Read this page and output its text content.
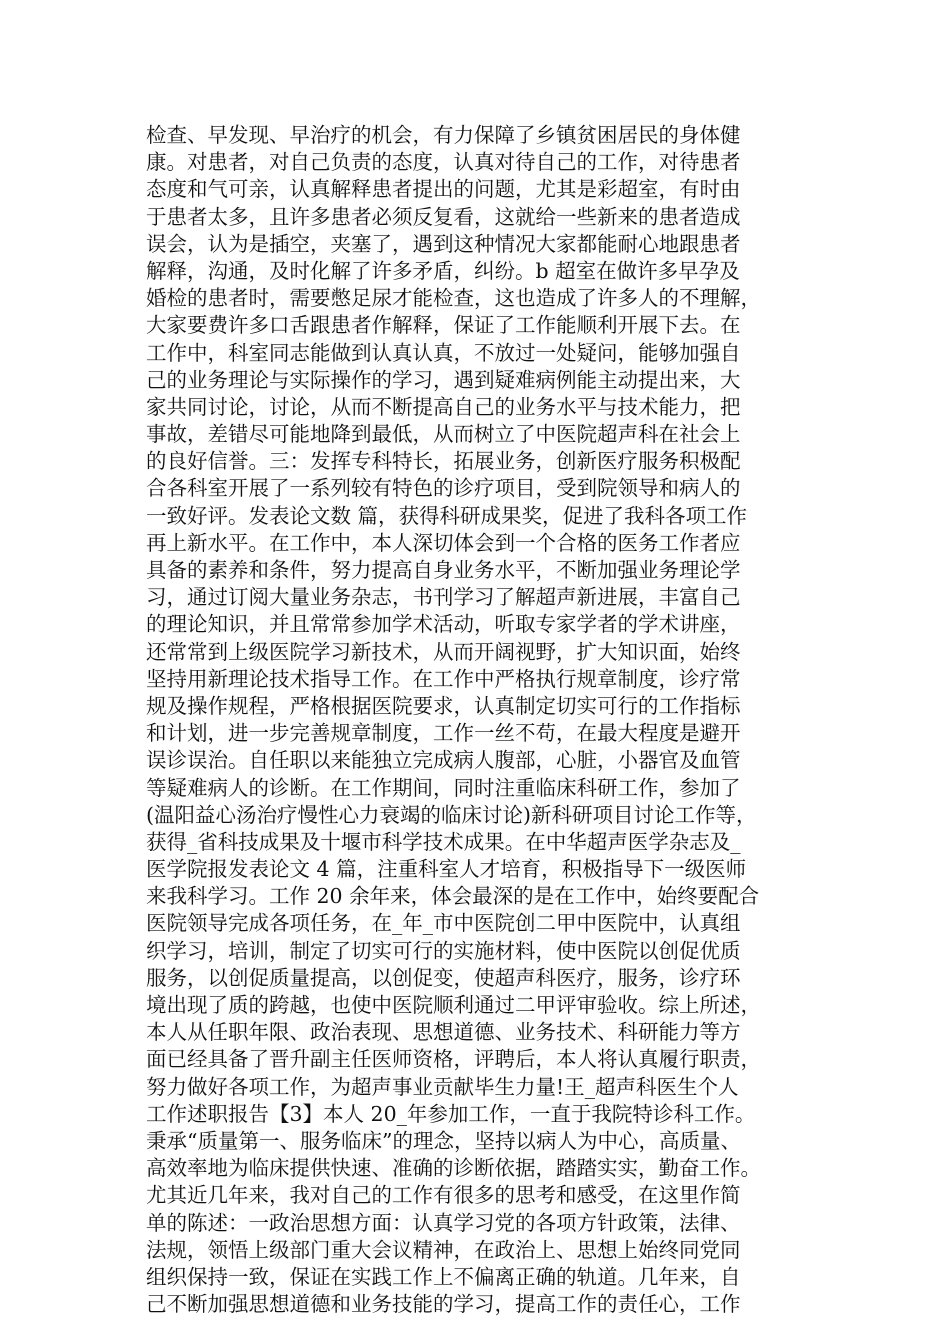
检查、早发现、早治疗的机会，有力保障了乡镇贫困居民的身体健
康。对患者，对自己负责的态度，认真对待自己的工作，对待患者
态度和气可亲，认真解释患者提出的问题，尤其是彩超室，有时由
于患者太多，且许多患者必须反复看，这就给一些新来的患者造成
误会，认为是插空，夹塞了，遇到这种情况大家都能耐心地跟患者
解释，沟通，及时化解了许多矛盾，纠纷。b 超室在做许多早孕及
婚检的患者时，需要憋足尿才能检查，这也造成了许多人的不理解，
大家要费许多口舌跟患者作解释，保证了工作能顺利开展下去。在
工作中，科室同志能做到认真认真，不放过一处疑问，能够加强自
己的业务理论与实际操作的学习，遇到疑难病例能主动提出来，大
家共同讨论，讨论，从而不断提高自己的业务水平与技术能力，把
事故，差错尽可能地降到最低，从而树立了中医院超声科在社会上
的良好信誉。三：发挥专科特长，拓展业务，创新医疗服务积极配
合各科室开展了一系列较有特色的诊疗项目，受到院领导和病人的
一致好评。发表论文数 篇，获得科研成果奖，促进了我科各项工作
再上新水平。在工作中，本人深切体会到一个合格的医务工作者应
具备的素养和条件，努力提高自身业务水平，不断加强业务理论学
习，通过订阅大量业务杂志，书刊学习了解超声新进展，丰富自己
的理论知识，并且常常参加学术活动，听取专家学者的学术讲座，
还常常到上级医院学习新技术，从而开阔视野，扩大知识面，始终
坚持用新理论技术指导工作。在工作中严格执行规章制度，诊疗常
规及操作规程，严格根据医院要求，认真制定切实可行的工作指标
和计划，进一步完善规章制度，工作一丝不苟，在最大程度是避开
误诊误治。自任职以来能独立完成病人腹部，心脏，小器官及血管
等疑难病人的诊断。在工作期间，同时注重临床科研工作，参加了
(温阳益心汤治疗慢性心力衰竭的临床讨论)新科研项目讨论工作等，
获得_省科技成果及十堰市科学技术成果。在中华超声医学杂志及_
医学院报发表论文 4 篇，注重科室人才培育，积极指导下一级医师
来我科学习。工作 20 余年来，体会最深的是在工作中，始终要配合
医院领导完成各项任务，在_年_市中医院创二甲中医院中，认真组
织学习，培训，制定了切实可行的实施材料，使中医院以创促优质
服务，以创促质量提高，以创促变，使超声科医疗，服务，诊疗环
境出现了质的跨越，也使中医院顺利通过二甲评审验收。综上所述，
本人从任职年限、政治表现、思想道德、业务技术、科研能力等方
面已经具备了晋升副主任医师资格，评聘后，本人将认真履行职责，
努力做好各项工作，为超声事业贡献毕生力量!王_超声科医生个人
工作述职报告【3】本人 20_年参加工作，一直于我院特诊科工作。
秉承“质量第一、服务临床”的理念，坚持以病人为中心，高质量、
高效率地为临床提供快速、准确的诊断依据，踏踏实实，勤奋工作。
尤其近几年来，我对自己的工作有很多的思考和感受，在这里作简
单的陈述：一政治思想方面：认真学习党的各项方针政策，法律、
法规，领悟上级部门重大会议精神，在政治上、思想上始终同党同
组织保持一致，保证在实践工作上不偏离正确的轨道。几年来，自
己不断加强思想道德和业务技能的学习，提高工作的责任心，工作
